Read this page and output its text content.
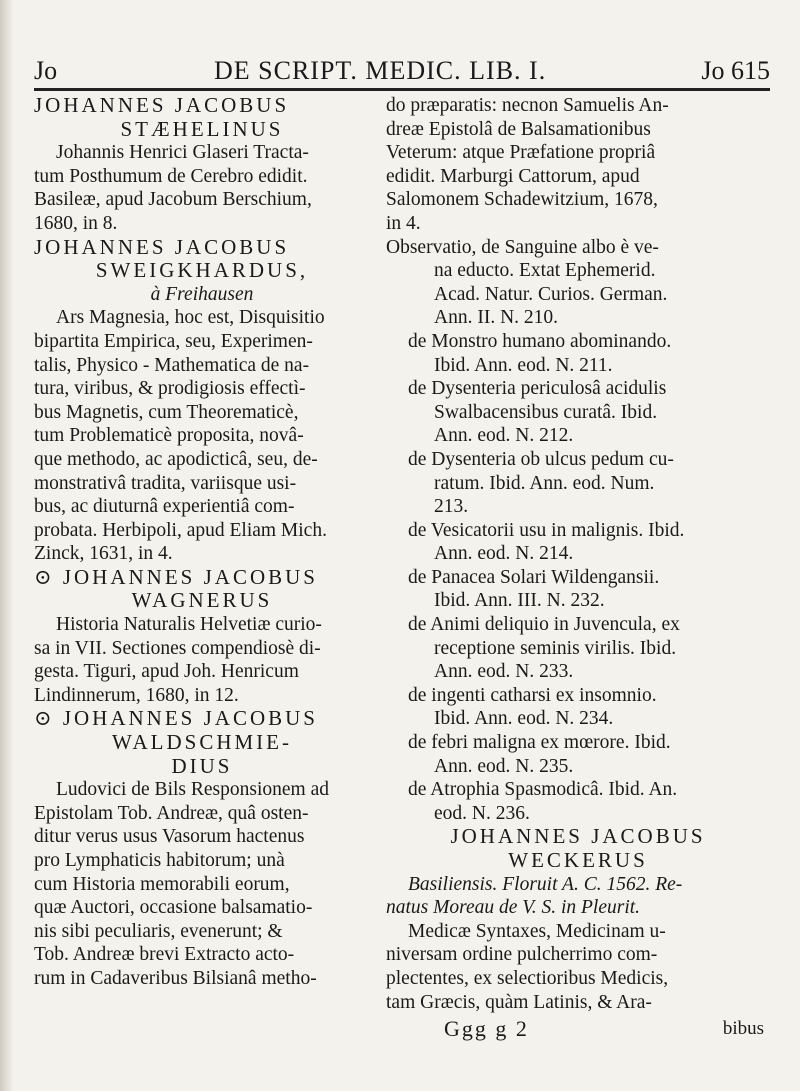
Jo	DE SCRIPT. MEDIC. LIB. I.	Jo 615

JOHANNES JACOBUS

STÆHELINUS

Johannis Henrici Glaseri Tracta-

tum Posthumum de Cerebro edidit.

Basileæ, apud Jacobum Berschium,

1680, in 8.

JOHANNES JACOBUS

SWEIGKHARDUS,

à Freihausen

Ars Magnesia, hoc est, Disquisitio

bipartita Empirica, seu, Experimen-

talis, Physico - Mathematica de na-

tura, viribus, & prodigiosis effectì-

bus Magnetis, cum Theorematicè,

tum Problematicè proposita, novâ-

que methodo, ac apodicticâ, seu, de-

monstrativâ tradita, variisque usi-

bus, ac diuturnâ experientiâ com-

probata. Herbipoli, apud Eliam Mich.

Zinck, 1631, in 4.

⊙ JOHANNES JACOBUS

WAGNERUS

Historia Naturalis Helvetiæ curio-

sa in VII. Sectiones compendiosè di-

gesta. Tiguri, apud Joh. Henricum

Lindinnerum, 1680, in 12.

⊙ JOHANNES JACOBUS

WALDSCHMIE-

DIUS

Ludovici de Bils Responsionem ad

Epistolam Tob. Andreæ, quâ osten-

ditur verus usus Vasorum hactenus

pro Lymphaticis habitorum; unà

cum Historia memorabili eorum,

quæ Auctori, occasione balsamatio-

nis sibi peculiaris, evenerunt; &

Tob. Andreæ brevi Extracto acto-

rum in Cadaveribus Bilsianâ metho-

do præparatis: necnon Samuelis An-

dreæ Epistolâ de Balsamationibus

Veterum: atque Præfatione propriâ

edidit. Marburgi Cattorum, apud

Salomonem Schadewitzium, 1678,

in 4.

Observatio, de Sanguine albo è ve-

na educto. Extat Ephemerid.

Acad. Natur. Curios. German.

Ann. II. N. 210.

de Monstro humano abominando.

Ibid. Ann. eod. N. 211.

de Dysenteria periculosâ acidulis

Swalbacensibus curatâ. Ibid.

Ann. eod. N. 212.

de Dysenteria ob ulcus pedum cu-

ratum. Ibid. Ann. eod. Num.

213.

de Vesicatorii usu in malignis. Ibid.

Ann. eod. N. 214.

de Panacea Solari Wildengansii.

Ibid. Ann. III. N. 232.

de Animi deliquio in Juvencula, ex

receptione seminis virilis. Ibid.

Ann. eod. N. 233.

de ingenti catharsi ex insomnio.

Ibid. Ann. eod. N. 234.

de febri maligna ex mœrore. Ibid.

Ann. eod. N. 235.

de Atrophia Spasmodicâ. Ibid. An.

eod. N. 236.

JOHANNES JACOBUS

WECKERUS

Basiliensis. Floruit A. C. 1562. Re-

natus Moreau de V. S. in Pleurit.

Medicæ Syntaxes, Medicinam u-

niversam ordine pulcherrimo com-

plectentes, ex selectioribus Medicis,

tam Græcis, quàm Latinis, & Ara-

Ggg g 2	bibus
